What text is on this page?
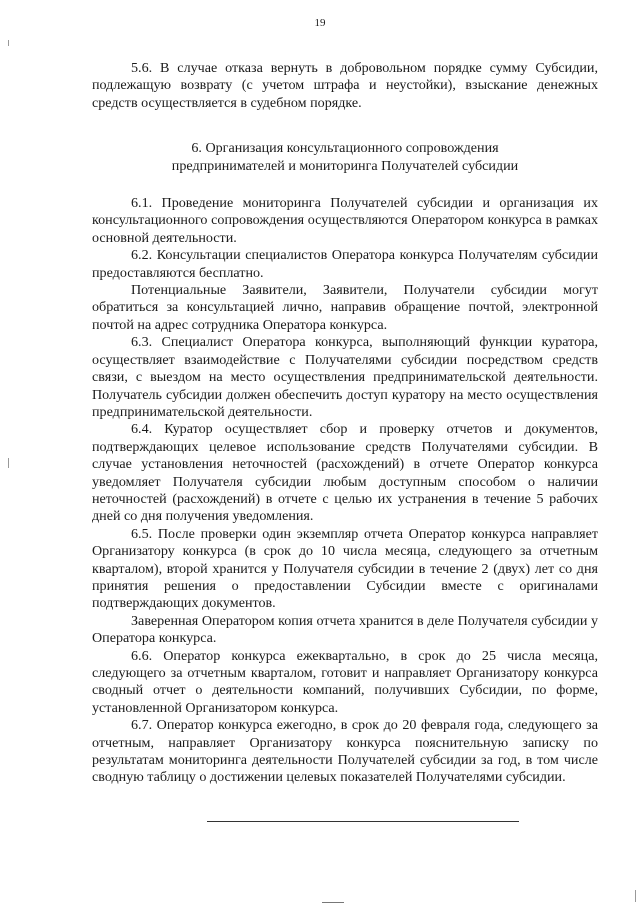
19

5.6. В случае отказа вернуть в добровольном порядке сумму Субсидии, подлежащую возврату (с учетом штрафа и неустойки), взыскание денежных средств осуществляется в судебном порядке.

6. Организация консультационного сопровождения
предпринимателей и мониторинга Получателей субсидии

6.1. Проведение мониторинга Получателей субсидии и организация их консультационного сопровождения осуществляются Оператором конкурса в рамках основной деятельности.

6.2. Консультации специалистов Оператора конкурса Получателям субсидии предоставляются бесплатно.

Потенциальные Заявители, Заявители, Получатели субсидии могут обратиться за консультацией лично, направив обращение почтой, электронной почтой на адрес сотрудника Оператора конкурса.

6.3. Специалист Оператора конкурса, выполняющий функции куратора, осуществляет взаимодействие с Получателями субсидии посредством средств связи, с выездом на место осуществления предпринимательской деятельности. Получатель субсидии должен обеспечить доступ куратору на место осуществления предпринимательской деятельности.

6.4. Куратор осуществляет сбор и проверку отчетов и документов, подтверждающих целевое использование средств Получателями субсидии. В случае установления неточностей (расхождений) в отчете Оператор конкурса уведомляет Получателя субсидии любым доступным способом о наличии неточностей (расхождений) в отчете с целью их устранения в течение 5 рабочих дней со дня получения уведомления.

6.5. После проверки один экземпляр отчета Оператор конкурса направляет Организатору конкурса (в срок до 10 числа месяца, следующего за отчетным кварталом), второй хранится у Получателя субсидии в течение 2 (двух) лет со дня принятия решения о предоставлении Субсидии вместе с оригиналами подтверждающих документов.

Заверенная Оператором копия отчета хранится в деле Получателя субсидии у Оператора конкурса.

6.6. Оператор конкурса ежеквартально, в срок до 25 числа месяца, следующего за отчетным кварталом, готовит и направляет Организатору конкурса сводный отчет о деятельности компаний, получивших Субсидии, по форме, установленной Организатором конкурса.

6.7. Оператор конкурса ежегодно, в срок до 20 февраля года, следующего за отчетным, направляет Организатору конкурса пояснительную записку по результатам мониторинга деятельности Получателей субсидии за год, в том числе сводную таблицу о достижении целевых показателей Получателями субсидии.
